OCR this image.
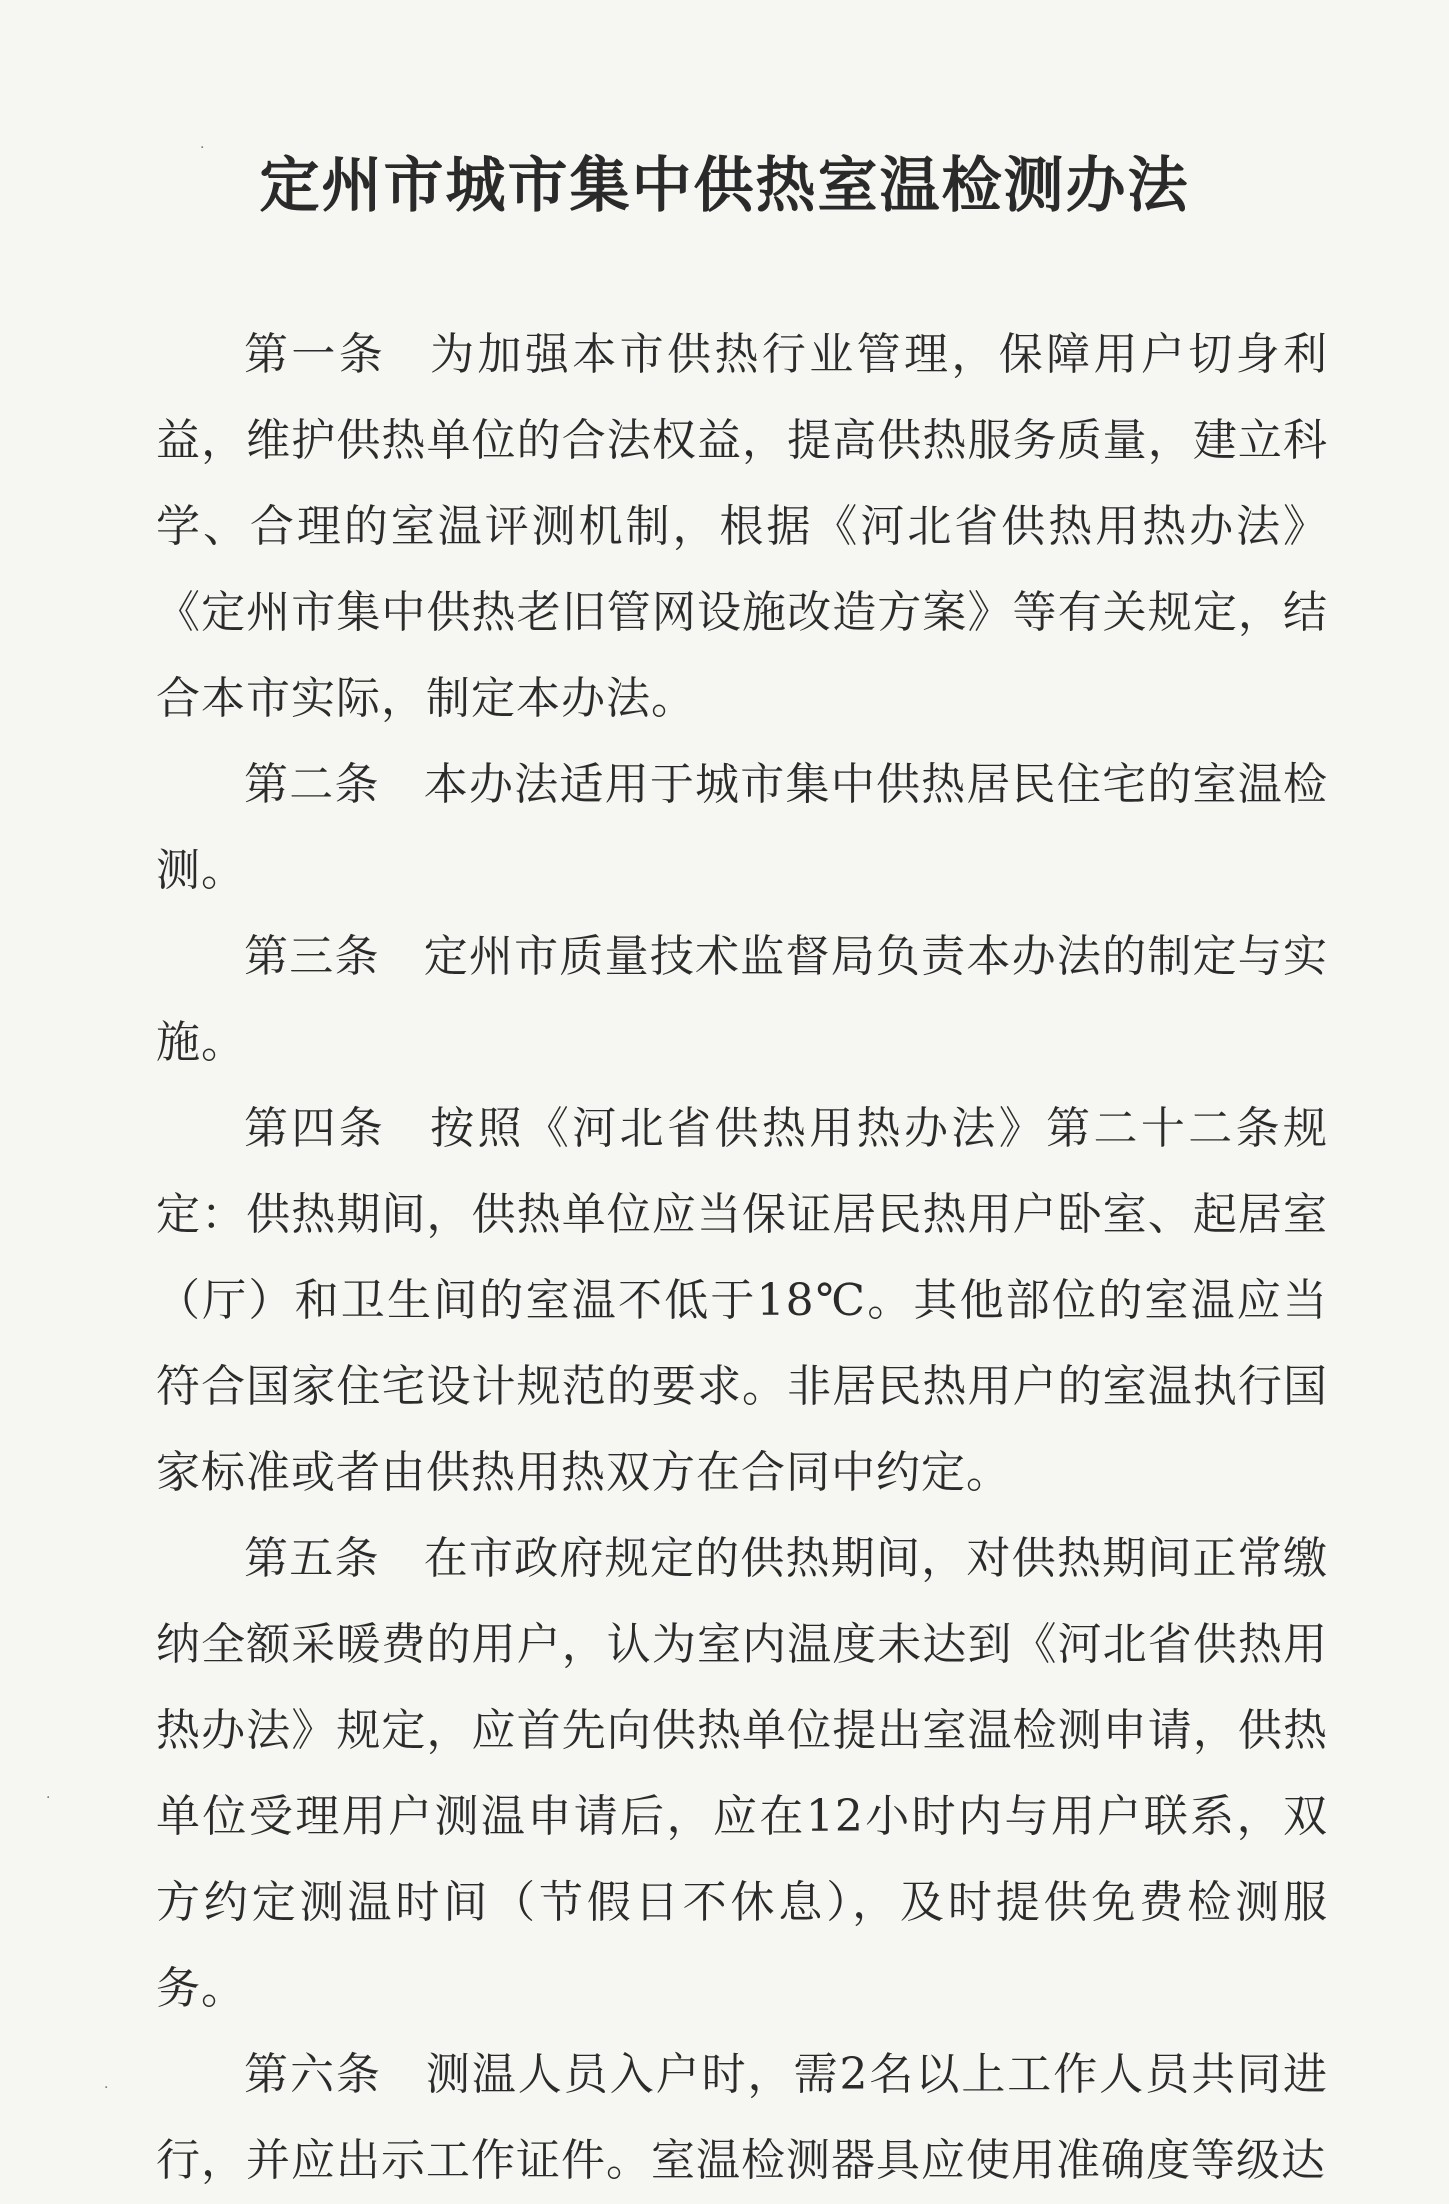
定州市城市集中供热室温检测办法

第一条 为加强本市供热行业管理，保障用户切身利益，维护供热单位的合法权益，提高供热服务质量，建立科学、合理的室温评测机制，根据《河北省供热用热办法》《定州市集中供热老旧管网设施改造方案》等有关规定，结合本市实际，制定本办法。

第二条 本办法适用于城市集中供热居民住宅的室温检测。

第三条 定州市质量技术监督局负责本办法的制定与实施。

第四条 按照《河北省供热用热办法》第二十二条规定：供热期间，供热单位应当保证居民热用户卧室、起居室（厅）和卫生间的室温不低于18℃。其他部位的室温应当符合国家住宅设计规范的要求。非居民热用户的室温执行国家标准或者由供热用热双方在合同中约定。

第五条 在市政府规定的供热期间，对供热期间正常缴纳全额采暖费的用户，认为室内温度未达到《河北省供热用热办法》规定，应首先向供热单位提出室温检测申请，供热单位受理用户测温申请后，应在12小时内与用户联系，双方约定测温时间（节假日不休息），及时提供免费检测服务。

第六条 测温人员入户时，需2名以上工作人员共同进行，并应出示工作证件。室温检测器具应使用准确度等级达

·
·
·
